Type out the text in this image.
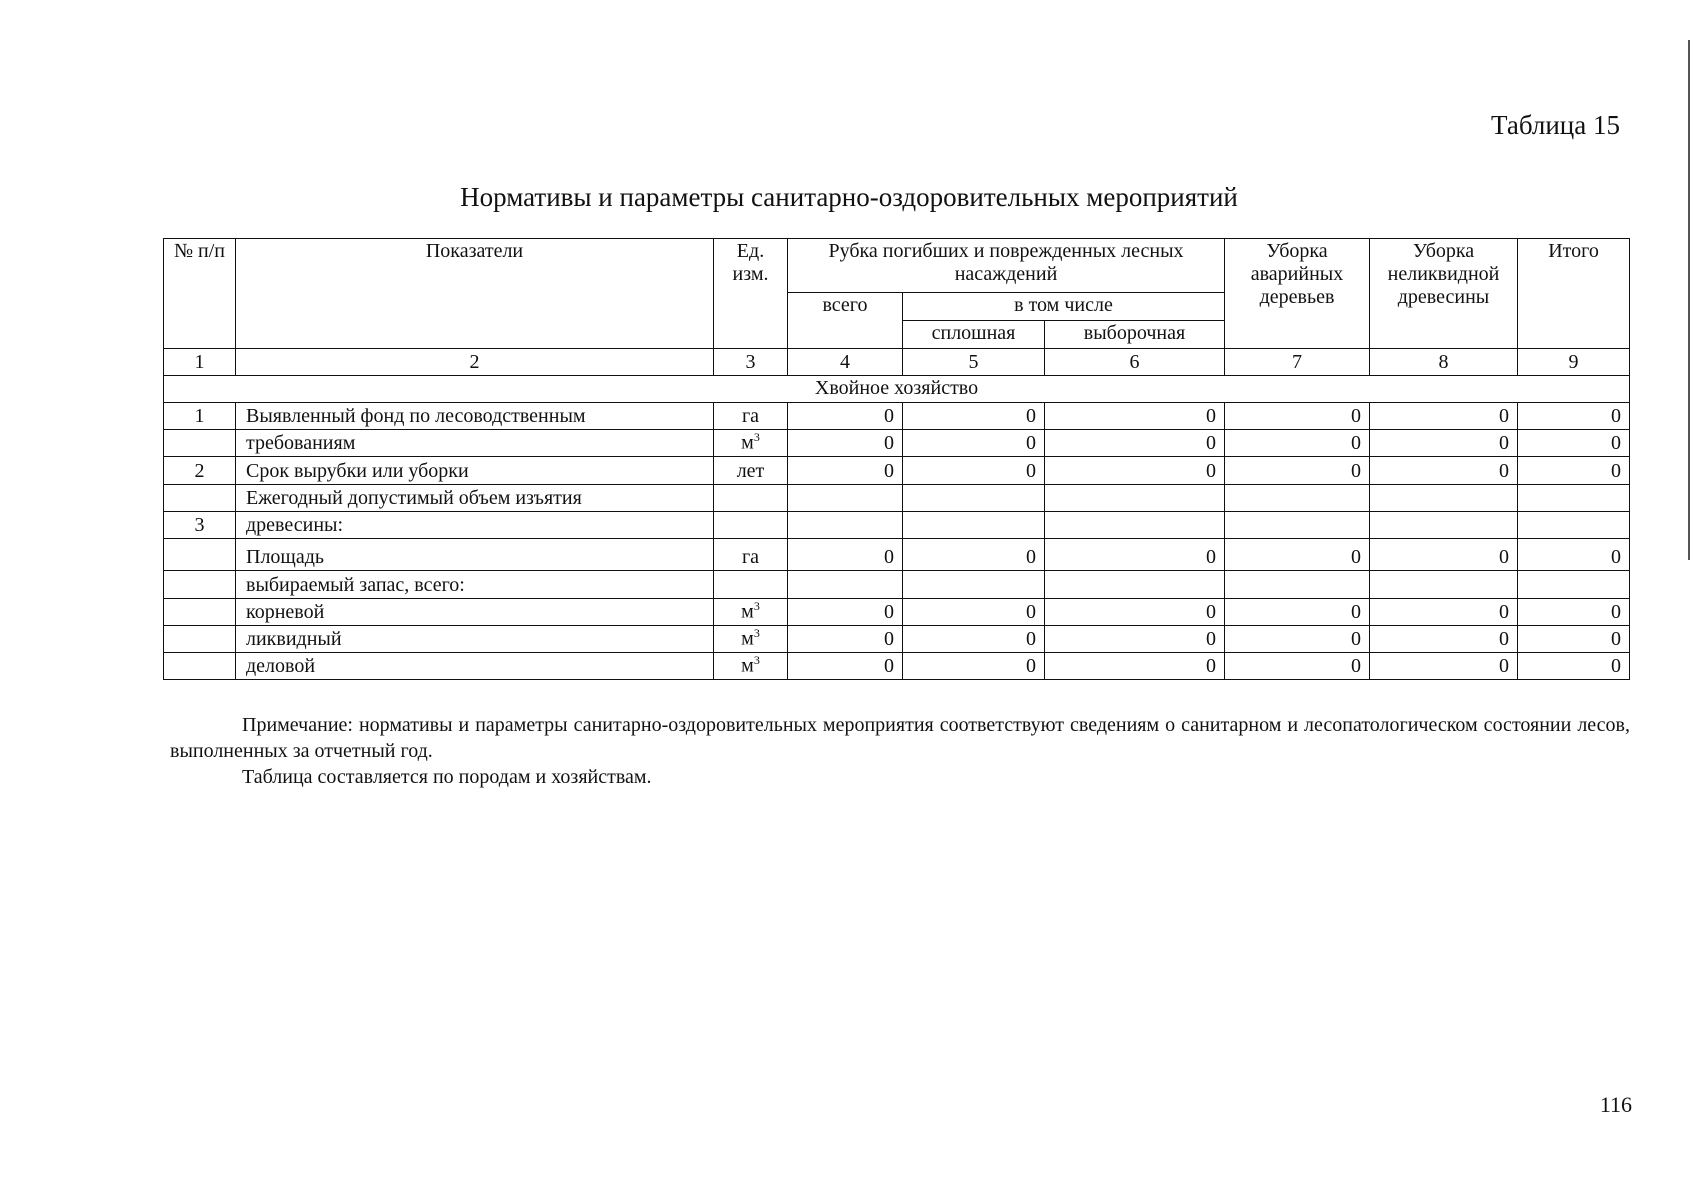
Таблица 15
Нормативы и параметры санитарно-оздоровительных мероприятий
№ п/п	Показатели	Ед. изм.	Рубка погибших и поврежденных лесных насаждений			Уборка аварийных деревьев	Уборка неликвидной древесины	Итого
			всего	в том числе				
				сплошная	выборочная			
1	2	3	4	5	6	7	8	9
Хвойное хозяйство								
1	Выявленный фонд по лесоводственным	га	0	0	0	0	0	0
	требованиям	$м^3$	0	0	0	0	0	0
2	Срок вырубки или уборки	лет	0	0	0	0	0	0
	Ежегодный допустимый объем изъятия							
3	древесины:							
	Площадь	га	0	0	0	0	0	0
	выбираемый запас, всего:							
	корневой	$м^3$	0	0	0	0	0	0
	ликвидный	$м^3$	0	0	0	0	0	0
	деловой	$м^3$	0	0	0	0	0	0

Примечание: нормативы и параметры санитарно-оздоровительных мероприятия соответствуют сведениям о санитарном и лесопатологическом состоянии лесов, выполненных за отчетный год.

Таблица составляется по породам и хозяйствам.

116
